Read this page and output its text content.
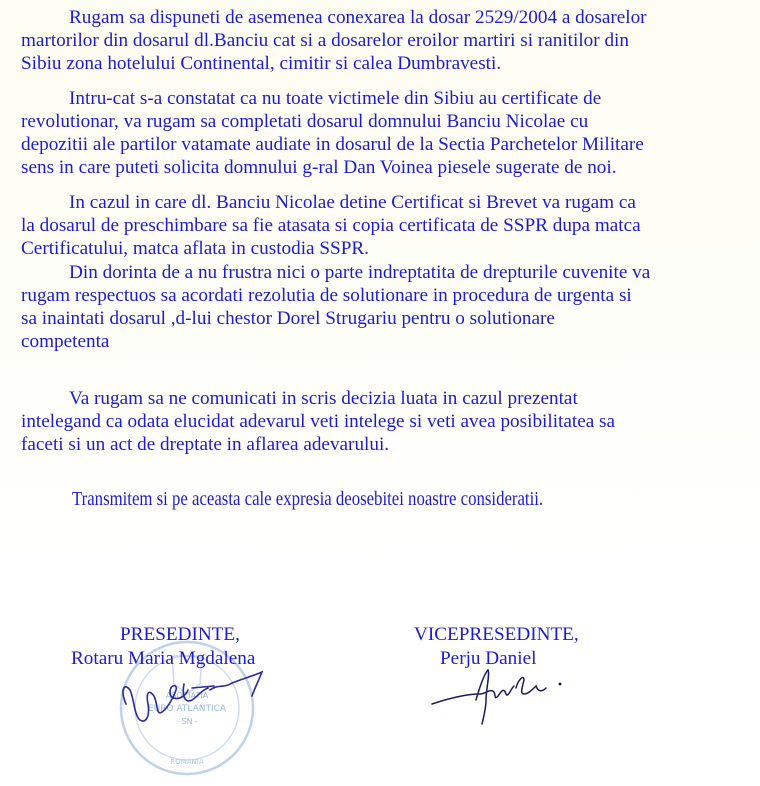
Rugam sa dispuneti de asemenea conexarea la dosar 2529/2004 a dosarelor
martorilor din dosarul dl.Banciu cat si a dosarelor eroilor martiri si ranitilor din
Sibiu zona hotelului Continental, cimitir si calea Dumbravesti.
Intru-cat s-a constatat ca nu toate victimele din Sibiu au certificate de
revolutionar, va rugam sa completati dosarul domnului Banciu Nicolae cu
depozitii ale partilor vatamate audiate in dosarul de la Sectia Parchetelor Militare
sens in care puteti solicita domnului g-ral Dan Voinea piesele sugerate de noi.
In cazul in care dl. Banciu Nicolae detine Certificat si Brevet va rugam ca
la dosarul de preschimbare sa fie atasata si copia certificata de SSPR dupa matca
Certificatului, matca aflata in custodia SSPR.
Din dorinta de a nu frustra nici o parte indreptatita de drepturile cuvenite va
rugam respectuos sa acordati rezolutia de solutionare in procedura de urgenta si
sa inaintati dosarul ,d-lui chestor Dorel Strugariu pentru o solutionare
competenta
Va rugam sa ne comunicati in scris decizia luata in cazul prezentat
intelegand ca odata elucidat adevarul veti intelege si veti avea posibilitatea sa
faceti si un act de dreptate in aflarea adevarului.
Transmitem si pe aceasta cale expresia deosebitei noastre consideratii.
ASOCIATIA
EURO ATLANTICA
- SN -
ROMANIA
PRESEDINTE,
Rotaru Maria Mgdalena
VICEPRESEDINTE,
Perju Daniel
